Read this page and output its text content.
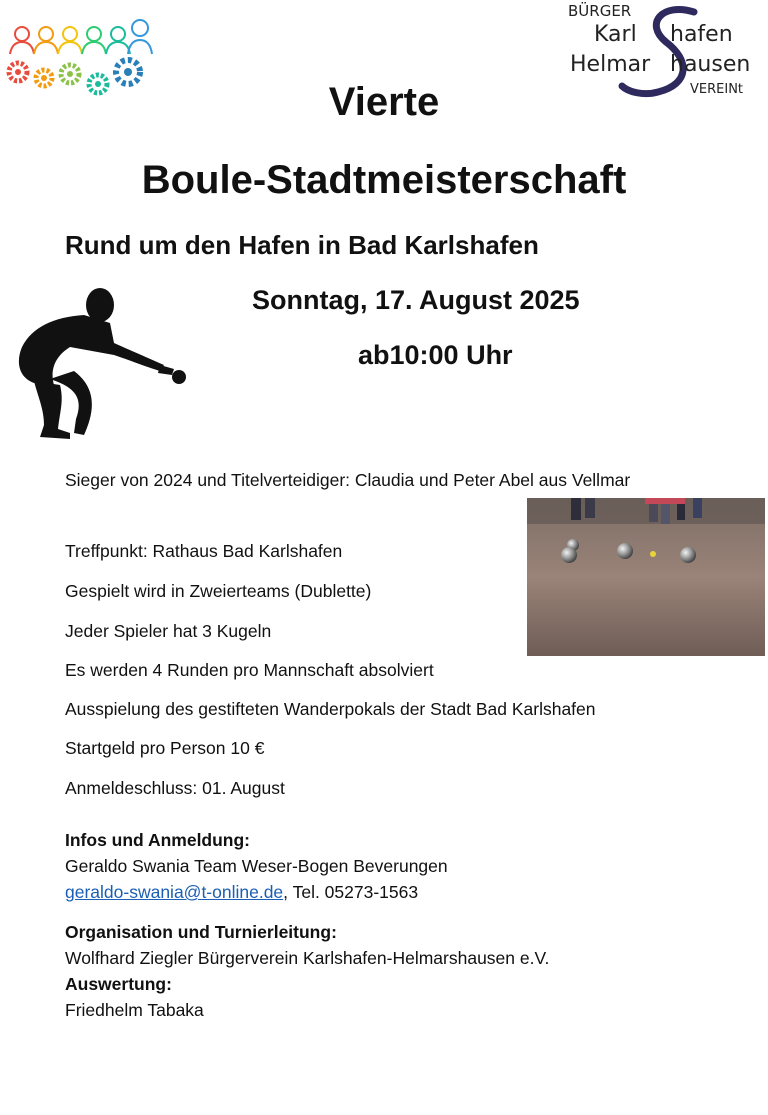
BÜRGER
Karl hafen
Helmar hausen
VEREINt
Vierte
Boule-Stadtmeisterschaft
Rund um den Hafen in Bad Karlshafen
Sonntag, 17. August 2025
ab10:00 Uhr
Sieger von 2024 und Titelverteidiger: Claudia und Peter Abel aus Vellmar
Treffpunkt: Rathaus Bad Karlshafen
Gespielt wird in Zweierteams (Dublette)
Jeder Spieler hat 3 Kugeln
Es werden 4 Runden pro Mannschaft absolviert
Ausspielung des gestifteten Wanderpokals der Stadt Bad Karlshafen
Startgeld pro Person 10 €
Anmeldeschluss: 01. August
Infos und Anmeldung:
Geraldo Swania Team Weser-Bogen Beverungen
geraldo-swania@t-online.de, Tel. 05273-1563
Organisation und Turnierleitung:
Wolfhard Ziegler Bürgerverein Karlshafen-Helmarshausen e.V.
Auswertung:
Friedhelm Tabaka
